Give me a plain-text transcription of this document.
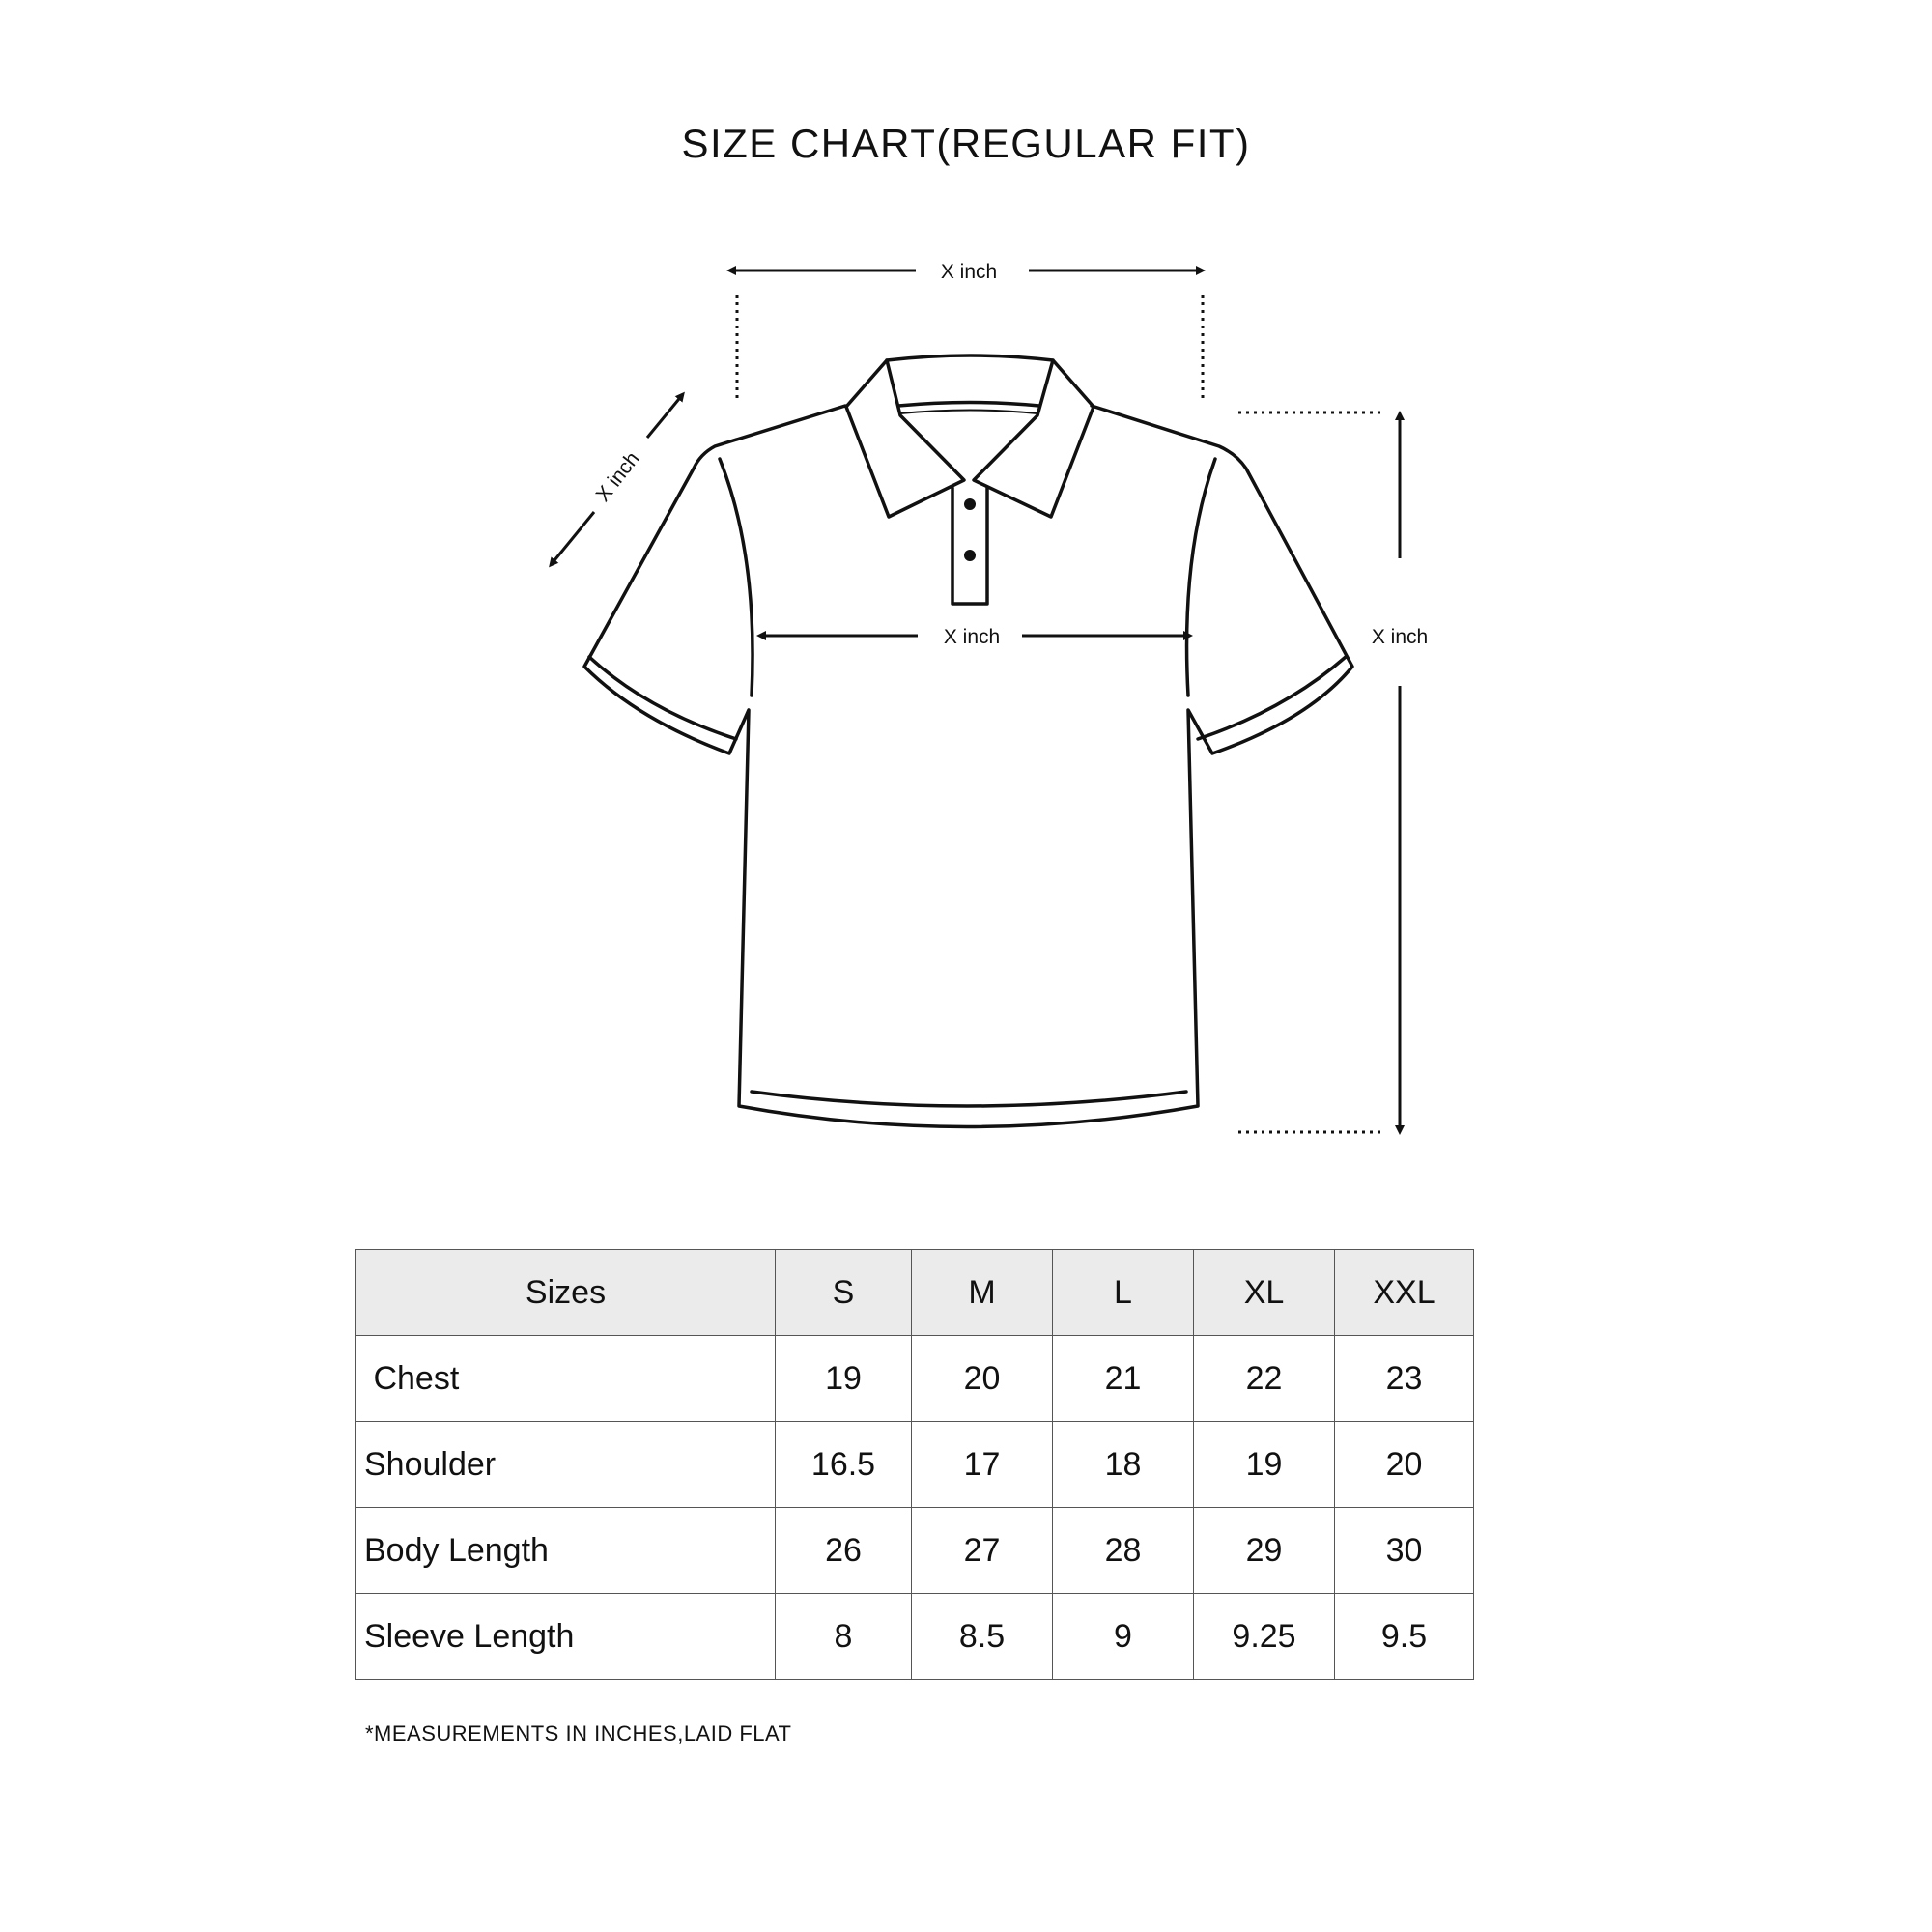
SIZE CHART(REGULAR FIT)
X inch
X inch
X inch	X inch
Sizes	S	M	L	XL	XXL
Chest	19	20	21	22	23
Shoulder	16.5	17	18	19	20
Body Length	26	27	28	29	30
Sleeve Length	8	8.5	9	9.25	9.5
*MEASUREMENTS IN INCHES,LAID FLAT
